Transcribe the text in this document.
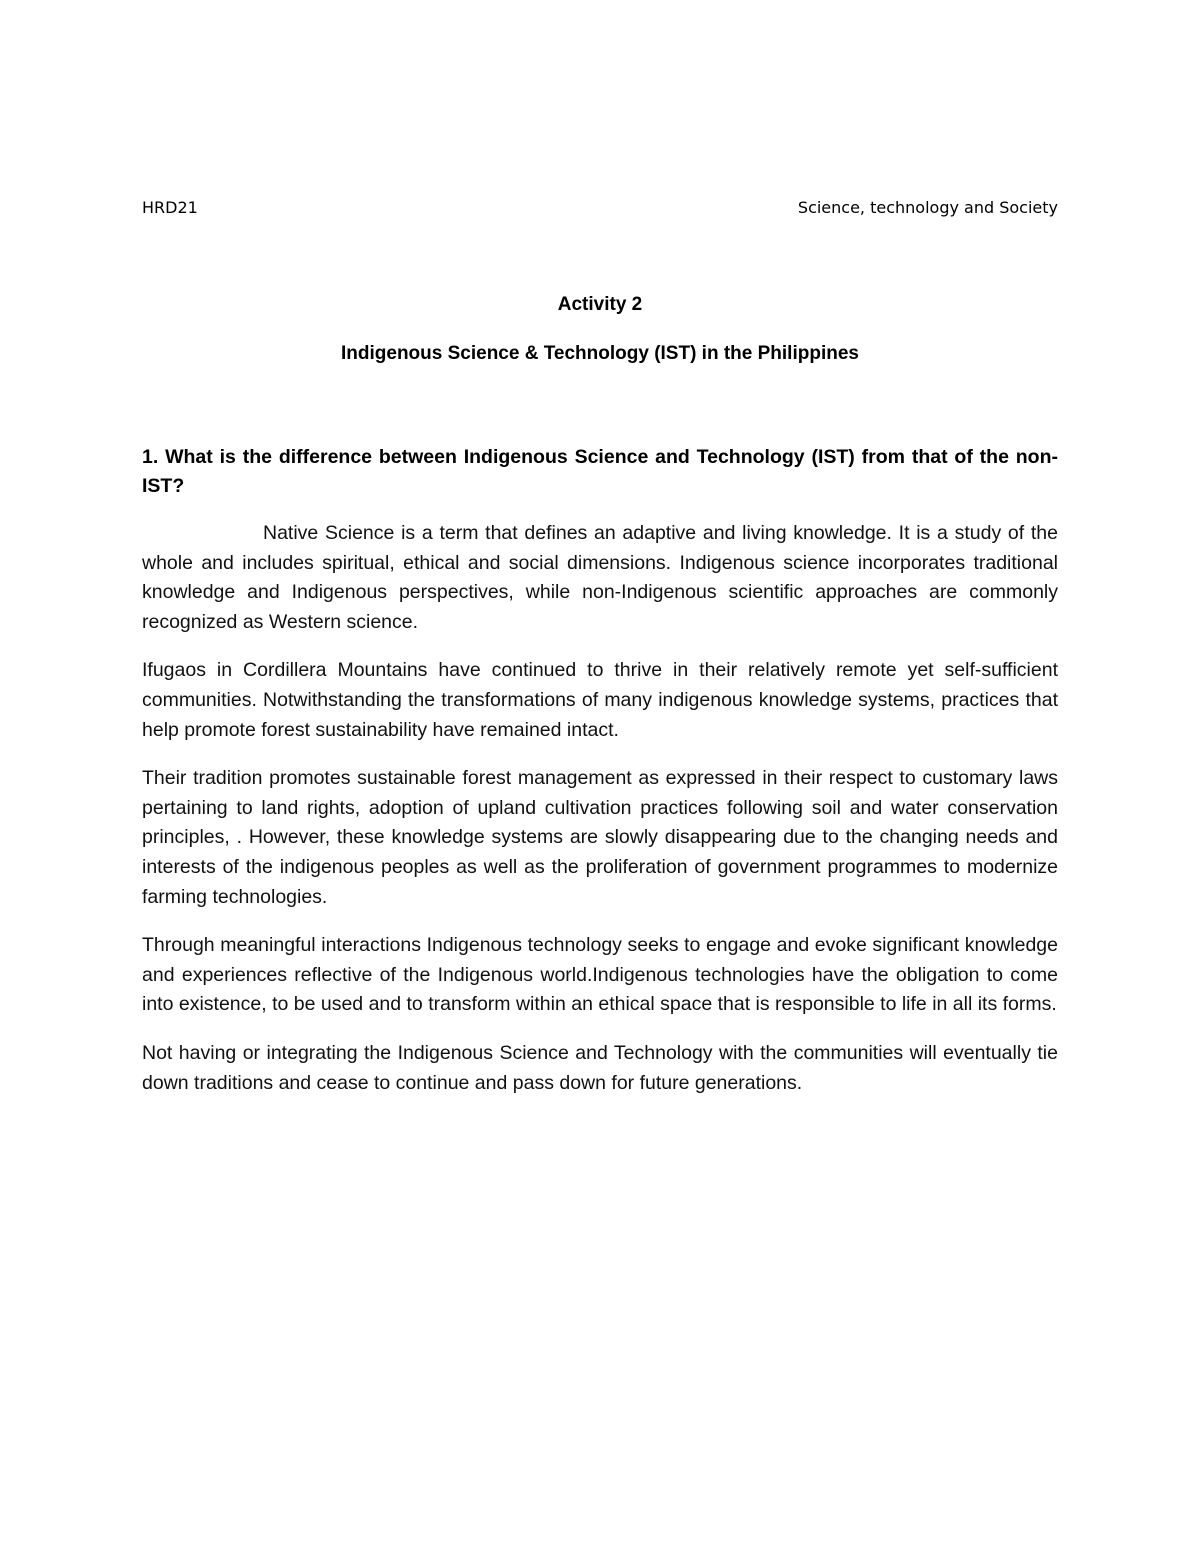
HRD21	Science, technology and Society
Activity 2
Indigenous Science & Technology (IST) in the Philippines
1. What is the difference between Indigenous Science and Technology (IST) from that of the non-IST?

Native Science is a term that defines an adaptive and living knowledge. It is a study of the whole and includes spiritual, ethical and social dimensions. Indigenous science incorporates traditional knowledge and Indigenous perspectives, while non-Indigenous scientific approaches are commonly recognized as Western science.

Ifugaos in Cordillera Mountains have continued to thrive in their relatively remote yet self-sufficient communities. Notwithstanding the transformations of many indigenous knowledge systems, practices that help promote forest sustainability have remained intact.

Their tradition promotes sustainable forest management as expressed in their respect to customary laws pertaining to land rights, adoption of upland cultivation practices following soil and water conservation principles, . However, these knowledge systems are slowly disappearing due to the changing needs and interests of the indigenous peoples as well as the proliferation of government programmes to modernize farming technologies.

Through meaningful interactions Indigenous technology seeks to engage and evoke significant knowledge and experiences reflective of the Indigenous world.Indigenous technologies have the obligation to come into existence, to be used and to transform within an ethical space that is responsible to life in all its forms.

Not having or integrating the Indigenous Science and Technology with the communities will eventually tie down traditions and cease to continue and pass down for future generations.
